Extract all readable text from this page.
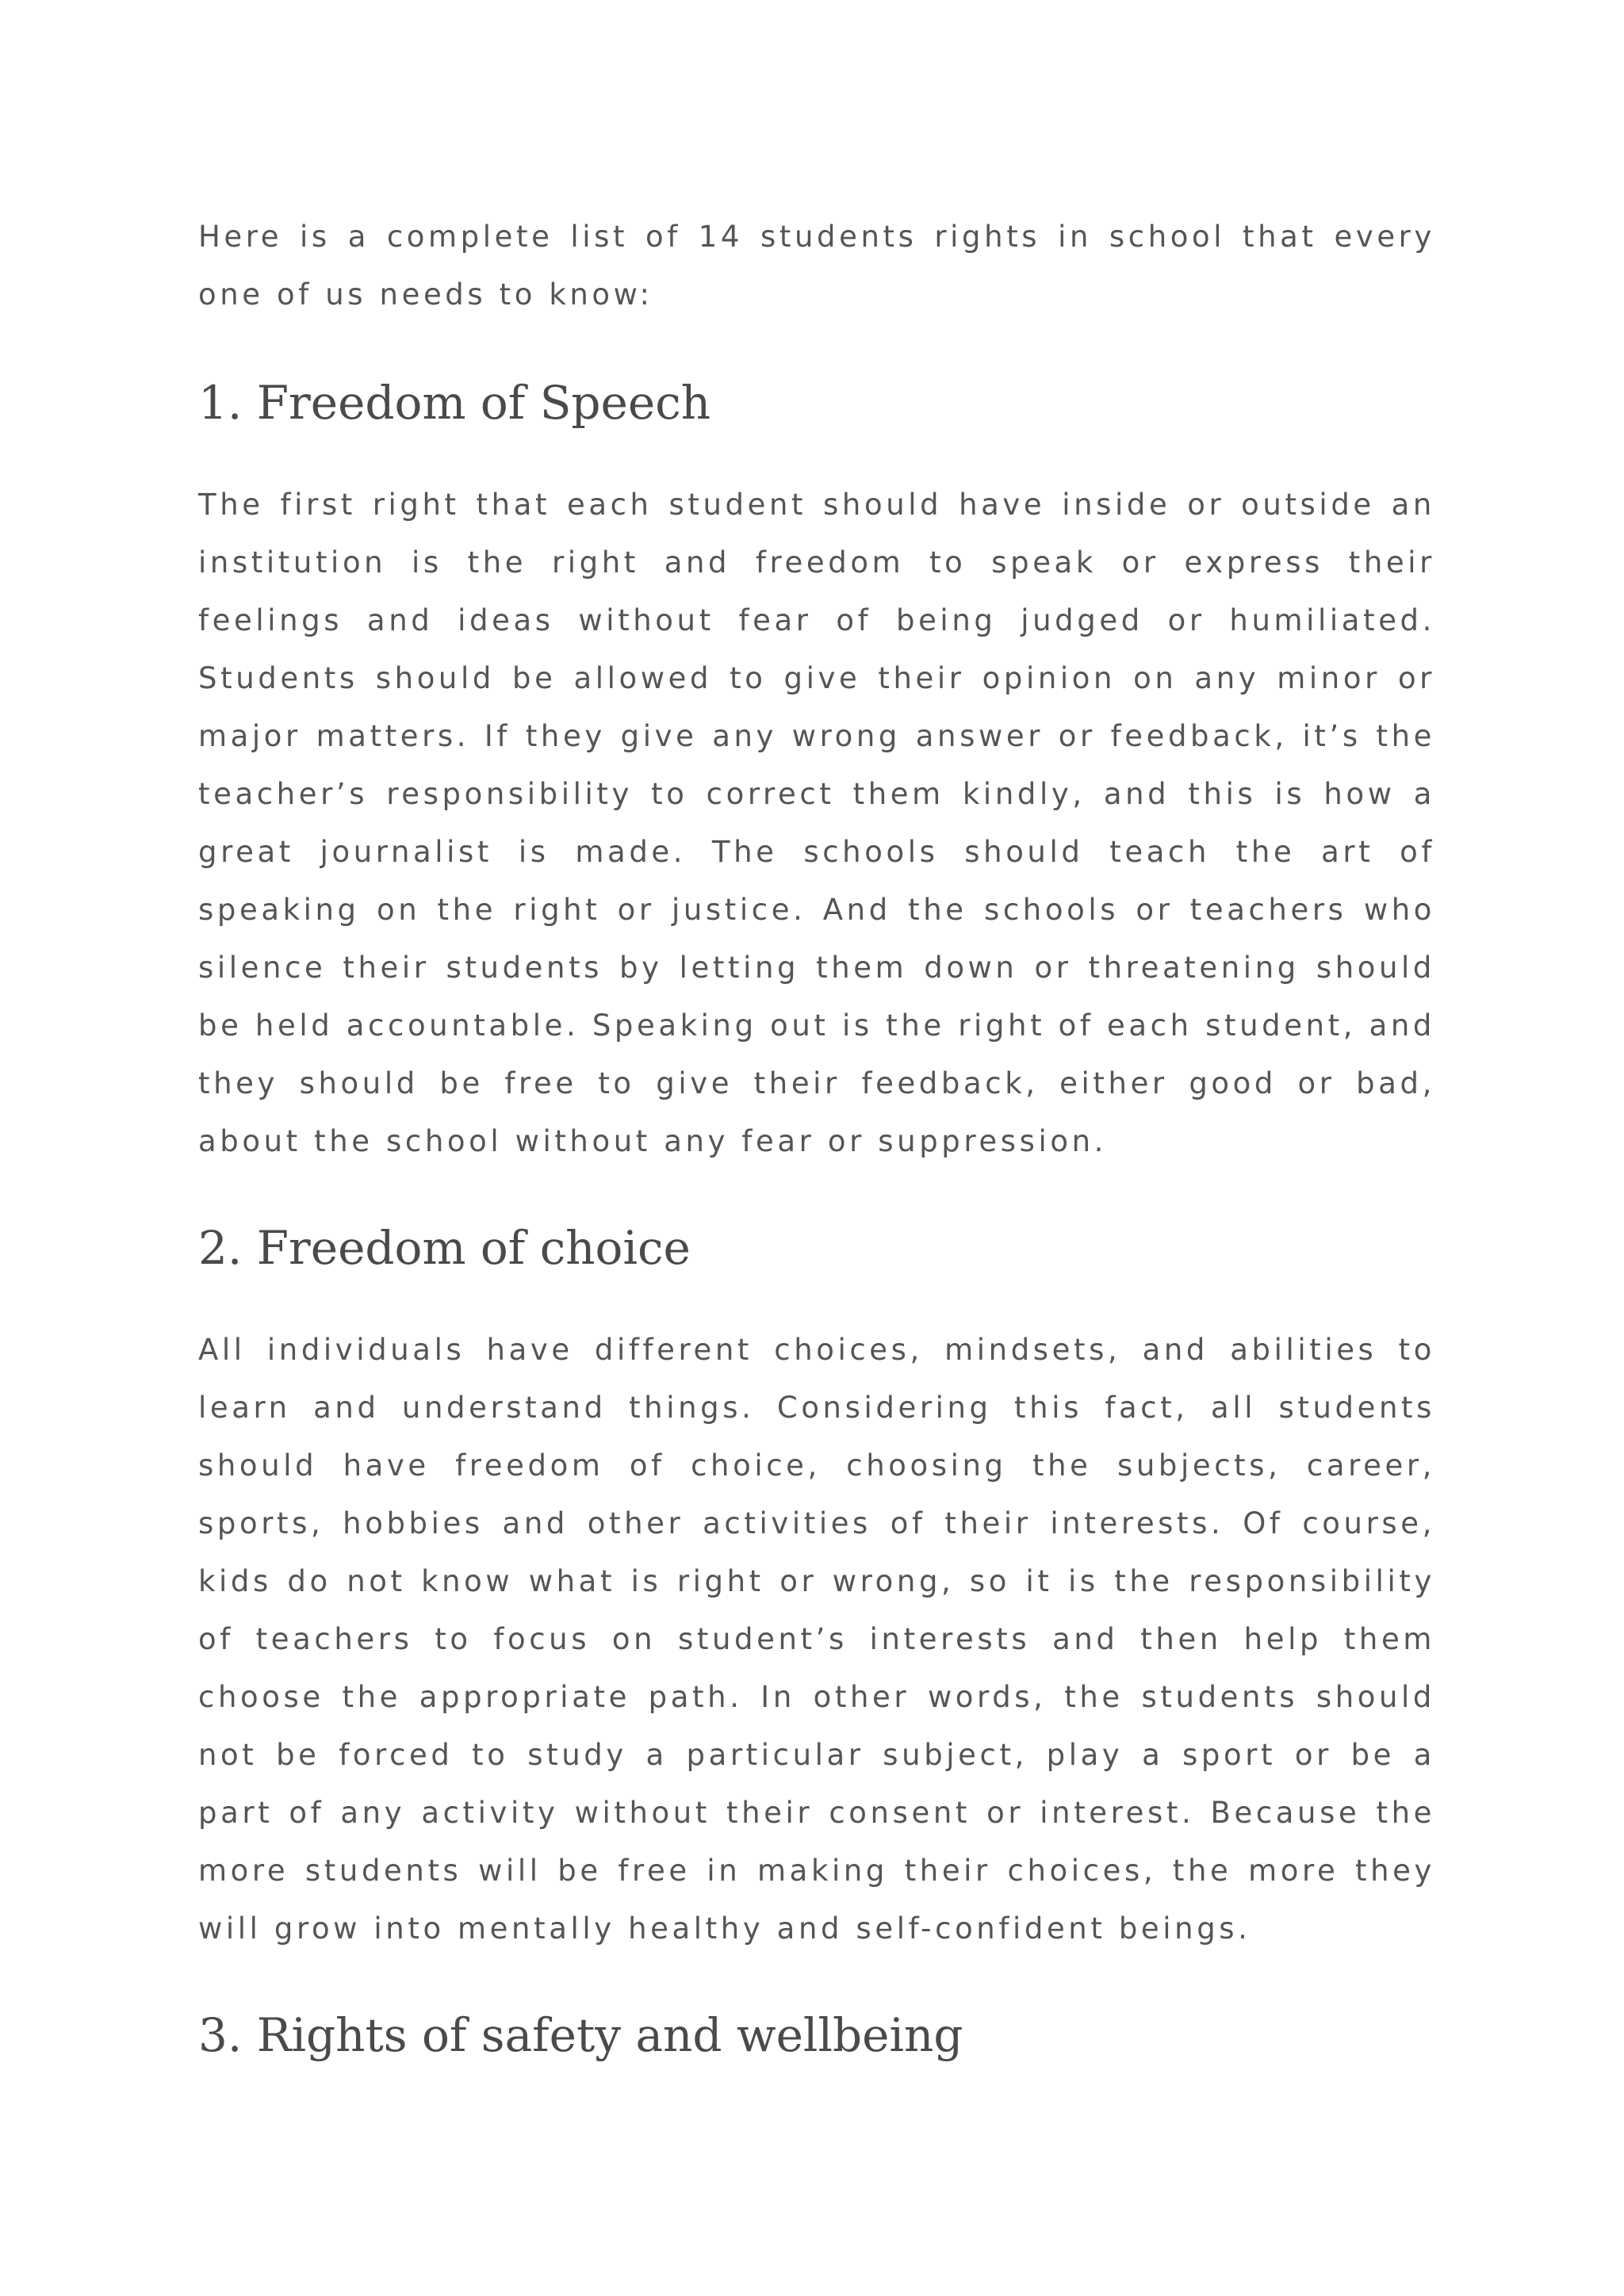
Here is a complete list of 14 students rights in school that every one of us needs to know:

1. Freedom of Speech

The first right that each student should have inside or outside an institution is the right and freedom to speak or express their feelings and ideas without fear of being judged or humiliated. Students should be allowed to give their opinion on any minor or major matters. If they give any wrong answer or feedback, it’s the teacher’s responsibility to correct them kindly, and this is how a great journalist is made. The schools should teach the art of speaking on the right or justice. And the schools or teachers who silence their students by letting them down or threatening should be held accountable. Speaking out is the right of each student, and they should be free to give their feedback, either good or bad, about the school without any fear or suppression.

2. Freedom of choice

All individuals have different choices, mindsets, and abilities to learn and understand things. Considering this fact, all students should have freedom of choice, choosing the subjects, career, sports, hobbies and other activities of their interests. Of course, kids do not know what is right or wrong, so it is the responsibility of teachers to focus on student’s interests and then help them choose the appropriate path. In other words, the students should not be forced to study a particular subject, play a sport or be a part of any activity without their consent or interest. Because the more students will be free in making their choices, the more they will grow into mentally healthy and self-confident beings.

3. Rights of safety and wellbeing
